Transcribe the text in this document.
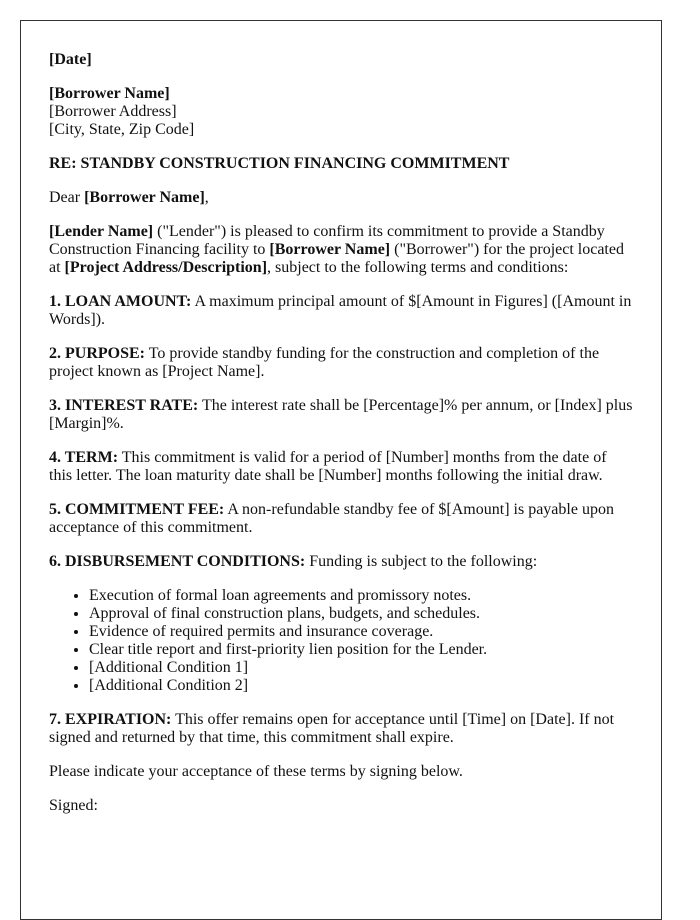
[Date]

[Borrower Name]
[Borrower Address]
[City, State, Zip Code]

RE: STANDBY CONSTRUCTION FINANCING COMMITMENT

Dear [Borrower Name],

[Lender Name] ("Lender") is pleased to confirm its commitment to provide a Standby Construction Financing facility to [Borrower Name] ("Borrower") for the project located at [Project Address/Description], subject to the following terms and conditions:

1. LOAN AMOUNT: A maximum principal amount of $[Amount in Figures] ([Amount in Words]).

2. PURPOSE: To provide standby funding for the construction and completion of the project known as [Project Name].

3. INTEREST RATE: The interest rate shall be [Percentage]% per annum, or [Index] plus [Margin]%.

4. TERM: This commitment is valid for a period of [Number] months from the date of this letter. The loan maturity date shall be [Number] months following the initial draw.

5. COMMITMENT FEE: A non-refundable standby fee of $[Amount] is payable upon acceptance of this commitment.

6. DISBURSEMENT CONDITIONS: Funding is subject to the following:

• Execution of formal loan agreements and promissory notes.
• Approval of final construction plans, budgets, and schedules.
• Evidence of required permits and insurance coverage.
• Clear title report and first-priority lien position for the Lender.
• [Additional Condition 1]
• [Additional Condition 2]

7. EXPIRATION: This offer remains open for acceptance until [Time] on [Date]. If not signed and returned by that time, this commitment shall expire.

Please indicate your acceptance of these terms by signing below.

Signed:
